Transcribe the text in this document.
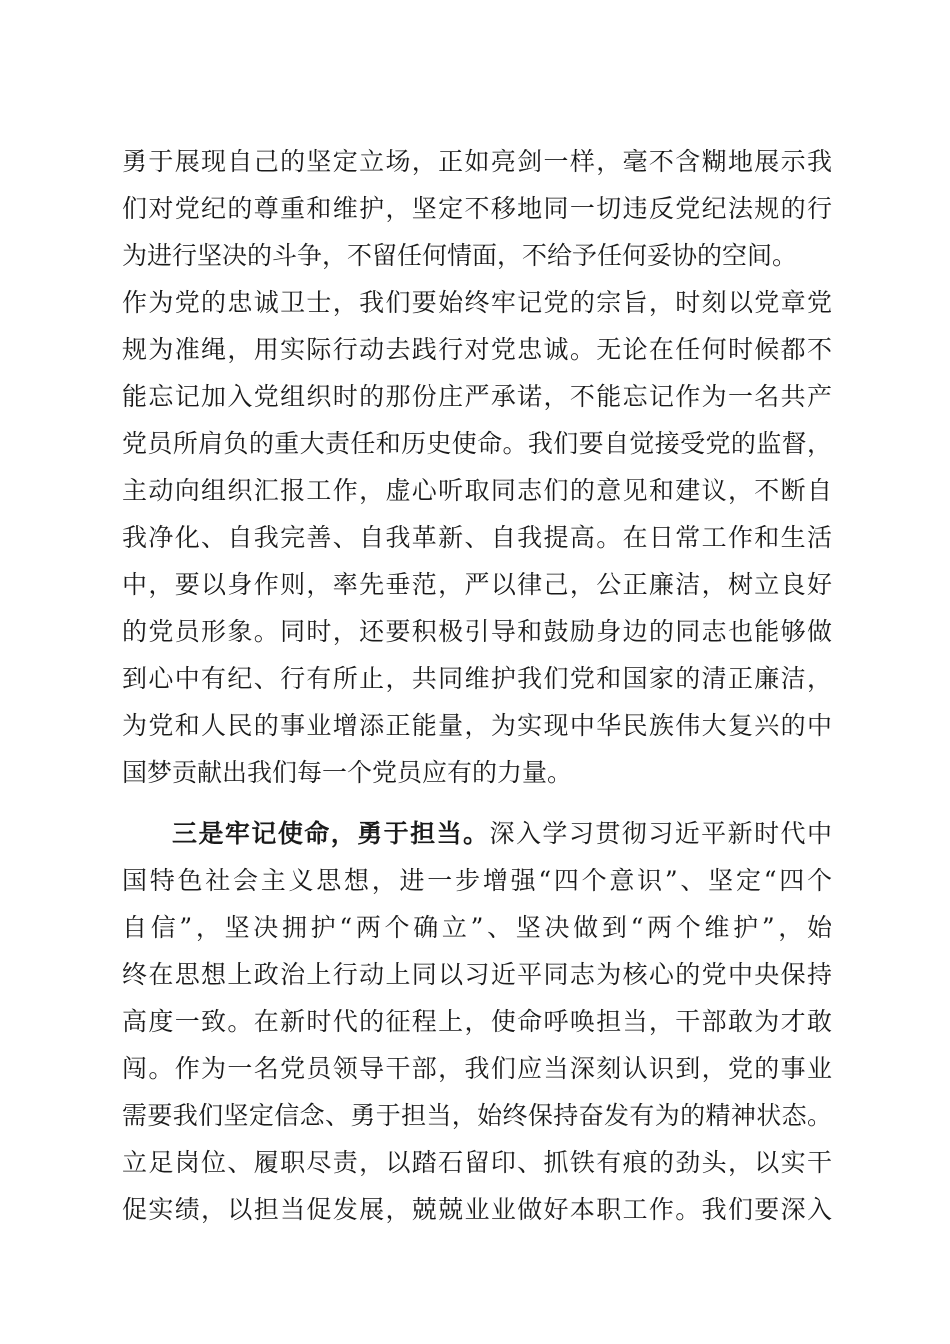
勇于展现自己的坚定立场，正如亮剑一样，毫不含糊地展示我
们对党纪的尊重和维护，坚定不移地同一切违反党纪法规的行
为进行坚决的斗争，不留任何情面，不给予任何妥协的空间。
作为党的忠诚卫士，我们要始终牢记党的宗旨，时刻以党章党
规为准绳，用实际行动去践行对党忠诚。无论在任何时候都不
能忘记加入党组织时的那份庄严承诺，不能忘记作为一名共产
党员所肩负的重大责任和历史使命。我们要自觉接受党的监督，
主动向组织汇报工作，虚心听取同志们的意见和建议，不断自
我净化、自我完善、自我革新、自我提高。在日常工作和生活
中，要以身作则，率先垂范，严以律己，公正廉洁，树立良好
的党员形象。同时，还要积极引导和鼓励身边的同志也能够做
到心中有纪、行有所止，共同维护我们党和国家的清正廉洁，
为党和人民的事业增添正能量，为实现中华民族伟大复兴的中
国梦贡献出我们每一个党员应有的力量。
三是牢记使命，勇于担当。深入学习贯彻习近平新时代中
国特色社会主义思想，进一步增强“四个意识”、坚定“四个
自信”，坚决拥护“两个确立”、坚决做到“两个维护”，始
终在思想上政治上行动上同以习近平同志为核心的党中央保持
高度一致。在新时代的征程上，使命呼唤担当，干部敢为才敢
闯。作为一名党员领导干部，我们应当深刻认识到，党的事业
需要我们坚定信念、勇于担当，始终保持奋发有为的精神状态。
立足岗位、履职尽责，以踏石留印、抓铁有痕的劲头，以实干
促实绩，以担当促发展，兢兢业业做好本职工作。我们要深入
